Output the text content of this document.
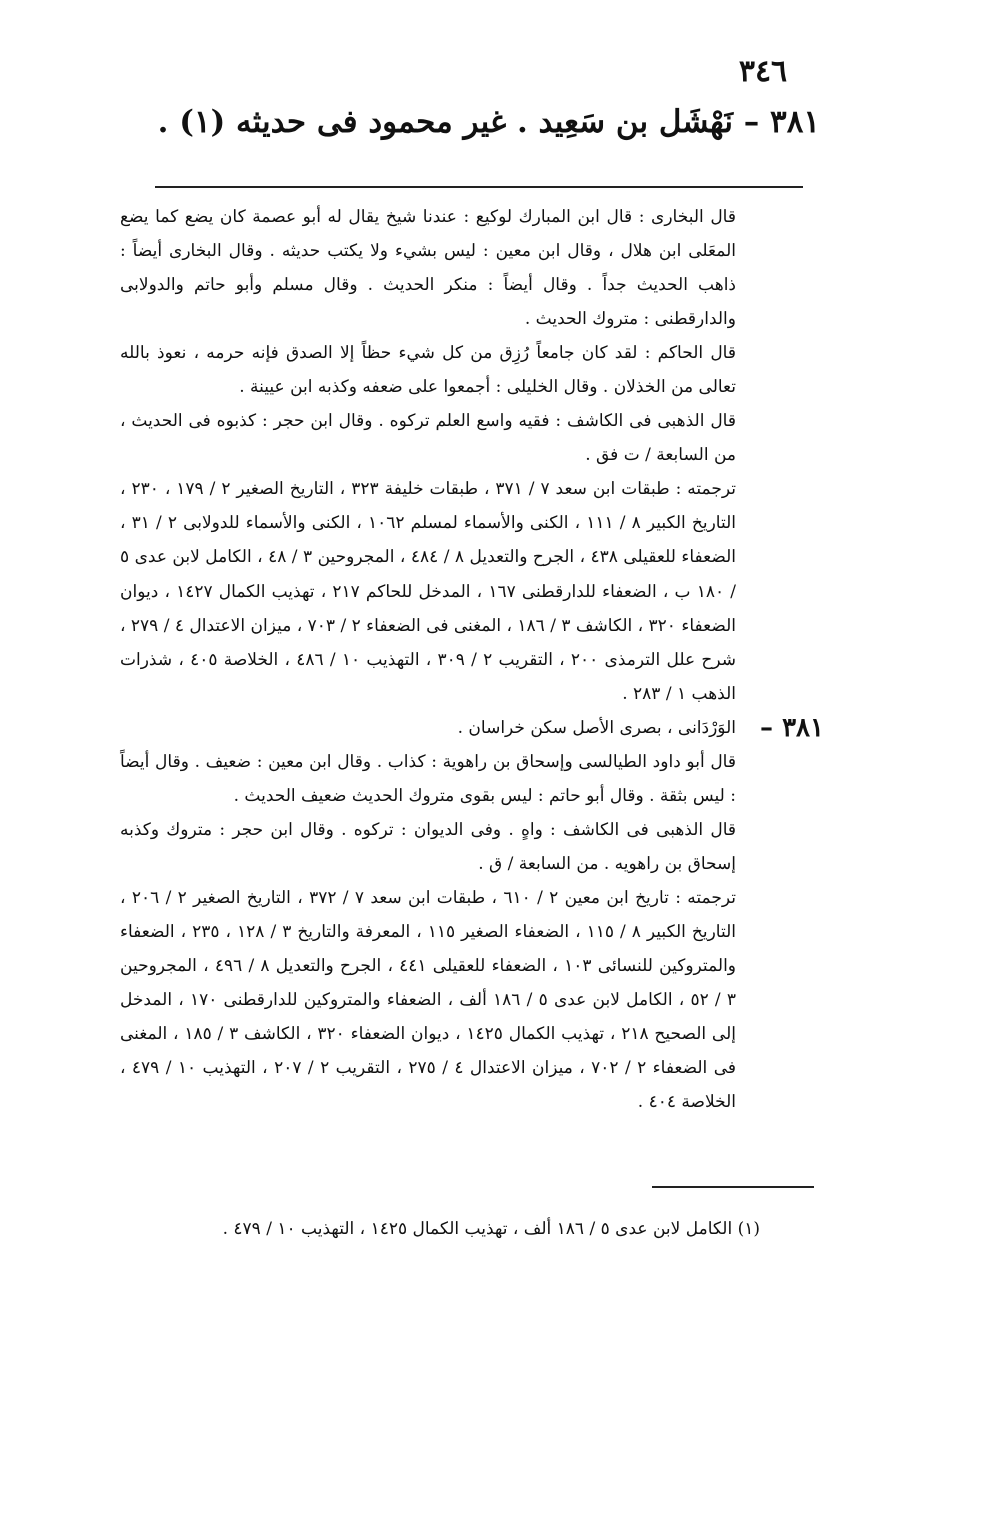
٣٤٦
٣٨١ – نَهْشَل بن سَعِيد . غير محمود فى حديثه (١) .

قال البخارى : قال ابن المبارك لوكيع : عندنا شيخ يقال له أبو عصمة كان يضع كما يضع المعَلى ابن هلال ، وقال ابن معين : ليس بشيء ولا يكتب حديثه . وقال البخارى أيضاً : ذاهب الحديث جداً . وقال أيضاً : منكر الحديث . وقال مسلم وأبو حاتم والدولابى والدارقطنى : متروك الحديث .

قال الحاكم : لقد كان جامعاً رُزِق من كل شيء حظاً إلا الصدق فإنه حرمه ، نعوذ بالله تعالى من الخذلان . وقال الخليلى : أجمعوا على ضعفه وكذبه ابن عيينة .

قال الذهبى فى الكاشف : فقيه واسع العلم تركوه . وقال ابن حجر : كذبوه فى الحديث ، من السابعة / ت فق .

ترجمته : طبقات ابن سعد ٧ / ٣٧١ ، طبقات خليفة ٣٢٣ ، التاريخ الصغير ٢ / ١٧٩ ، ٢٣٠ ، التاريخ الكبير ٨ / ١١١ ، الكنى والأسماء لمسلم ١٠٦٢ ، الكنى والأسماء للدولابى ٢ / ٣١ ، الضعفاء للعقيلى ٤٣٨ ، الجرح والتعديل ٨ / ٤٨٤ ، المجروحين ٣ / ٤٨ ، الكامل لابن عدى ٥ / ١٨٠ ب ، الضعفاء للدارقطنى ١٦٧ ، المدخل للحاكم ٢١٧ ، تهذيب الكمال ١٤٢٧ ، ديوان الضعفاء ٣٢٠ ، الكاشف ٣ / ١٨٦ ، المغنى فى الضعفاء ٢ / ٧٠٣ ، ميزان الاعتدال ٤ / ٢٧٩ ، شرح علل الترمذى ٢٠٠ ، التقريب ٢ / ٣٠٩ ، التهذيب ١٠ / ٤٨٦ ، الخلاصة ٤٠٥ ، شذرات الذهب ١ / ٢٨٣ .

٣٨١ –

الوَرْدَانى ، بصرى الأصل سكن خراسان .

قال أبو داود الطيالسى وإسحاق بن راهوية : كذاب . وقال ابن معين : ضعيف . وقال أيضاً : ليس بثقة . وقال أبو حاتم : ليس بقوى متروك الحديث ضعيف الحديث .

قال الذهبى فى الكاشف : واهٍ . وفى الديوان : تركوه . وقال ابن حجر : متروك وكذبه إسحاق بن راهويه . من السابعة / ق .

ترجمته : تاريخ ابن معين ٢ / ٦١٠ ، طبقات ابن سعد ٧ / ٣٧٢ ، التاريخ الصغير ٢ / ٢٠٦ ، التاريخ الكبير ٨ / ١١٥ ، الضعفاء الصغير ١١٥ ، المعرفة والتاريخ ٣ / ١٢٨ ، ٢٣٥ ، الضعفاء والمتروكين للنسائى ١٠٣ ، الضعفاء للعقيلى ٤٤١ ، الجرح والتعديل ٨ / ٤٩٦ ، المجروحين ٣ / ٥٢ ، الكامل لابن عدى ٥ / ١٨٦ ألف ، الضعفاء والمتروكين للدارقطنى ١٧٠ ، المدخل إلى الصحيح ٢١٨ ، تهذيب الكمال ١٤٢٥ ، ديوان الضعفاء ٣٢٠ ، الكاشف ٣ / ١٨٥ ، المغنى فى الضعفاء ٢ / ٧٠٢ ، ميزان الاعتدال ٤ / ٢٧٥ ، التقريب ٢ / ٢٠٧ ، التهذيب ١٠ / ٤٧٩ ، الخلاصة ٤٠٤ .

(١) الكامل لابن عدى ٥ / ١٨٦ ألف ، تهذيب الكمال ١٤٢٥ ، التهذيب ١٠ / ٤٧٩ .
